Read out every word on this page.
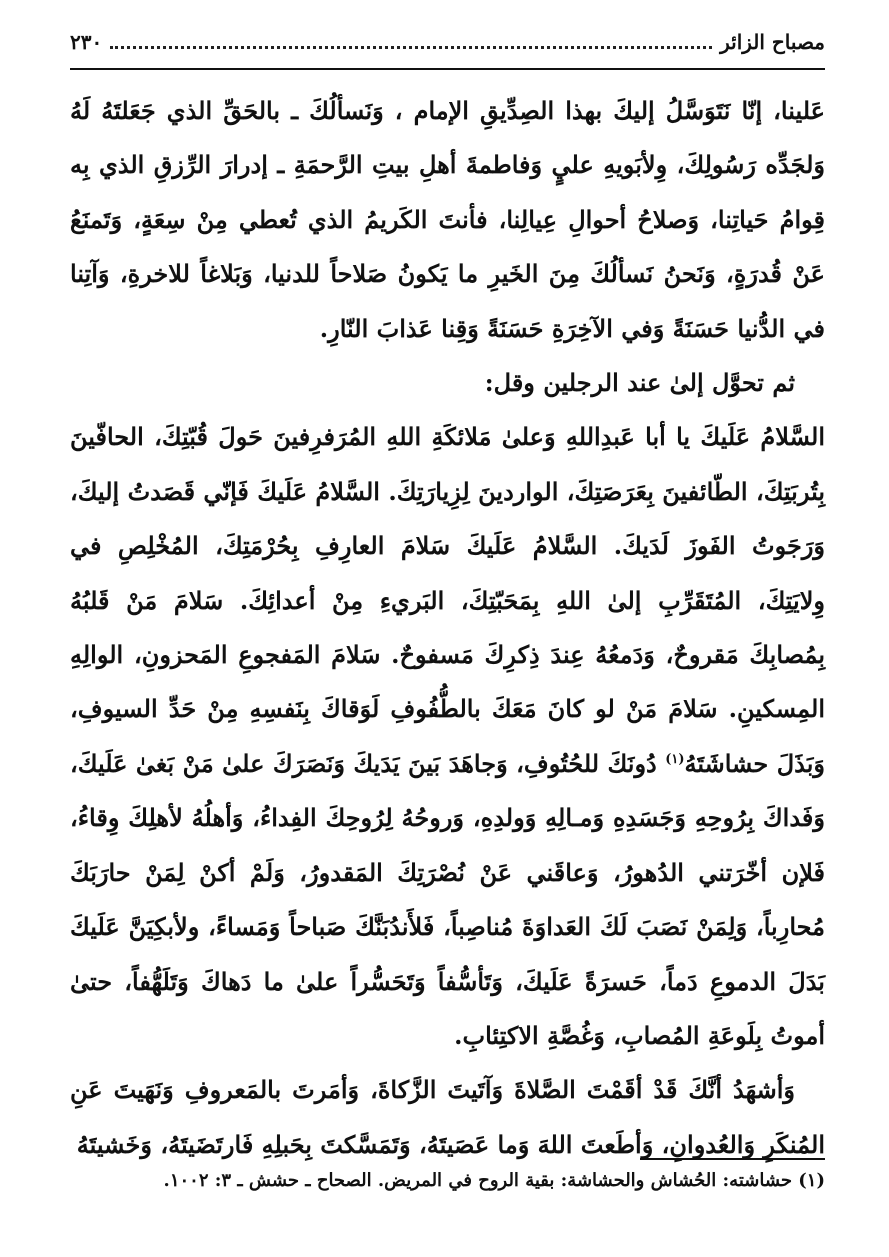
مصباح الزائر
٢٣٠

عَلينا، إنّا نَتَوَسَّلُ إليكَ بهذا الصِدِّيقِ الإمام ، وَنَسألُكَ ـ بالحَقِّ الذي جَعَلتَهُ لَهُ وَلجَدِّه رَسُولِكَ، وِلأبَويهِ عليٍ وَفاطمةَ أهلِ بيتِ الرَّحمَةِ ـ إدرارَ الرِّزقِ الذي بِه قِوامُ حَياتِنا، وَصلاحُ أحوالِ عِيالِنا، فأنتَ الكَريمُ الذي تُعطي مِنْ سِعَةٍ، وَتَمنَعُ عَنْ قُدرَةٍ، وَنَحنُ نَسألُكَ مِنَ الخَيرِ ما يَكونُ صَلاحاً للدنيا، وَبَلاغاً للاخرةِ، وَآتِنا في الدُّنيا حَسَنَةً وَفي الآخِرَةِ حَسَنَةً وَقِنا عَذابَ النّارِ.

ثم تحوَّل إلىٰ عند الرجلين وقل:

السَّلامُ عَلَيكَ يا أبا عَبدِاللهِ وَعلىٰ مَلائكَةِ اللهِ المُرَفرِفينَ حَولَ قُبّتِكَ، الحافّينَ بِتُربَتِكَ، الطّائفينَ بِعَرَصَتِكَ، الواردينَ لِزِيارَتِكَ. السَّلامُ عَلَيكَ فَإنّي قَصَدتُ إليكَ، وَرَجَوتُ الفَوزَ لَدَيكَ. السَّلامُ عَلَيكَ سَلامَ العارِفِ بِحُرْمَتِكَ، المُخْلِصِ في وِلايَتِكَ، المُتَقَرِّبِ إلىٰ اللهِ بِمَحَبّتِكَ، البَريءِ مِنْ أعدائِكَ. سَلامَ مَنْ قَلبُهُ بِمُصابِكَ مَقروحٌ، وَدَمعُهُ عِندَ ذِكرِكَ مَسفوحٌ. سَلامَ المَفجوعِ المَحزونِ، الوالِهِ المِسكينِ. سَلامَ مَنْ لو كانَ مَعَكَ بالطُّفُوفِ لَوَقاكَ بِنَفسِهِ مِنْ حَدِّ السيوفِ، وَبَذَلَ حشاشَتَهُ$^{(١)}$ دُونَكَ للحُتُوفِ، وَجاهَدَ بَينَ يَدَيكَ وَنَصَرَكَ علىٰ مَنْ بَغىٰ عَلَيكَ، وَفَداكَ بِرُوحِهِ وَجَسَدِهِ وَمـالِهِ وَولدِهِ، وَروحُهُ لِرُوحِكَ الفِداءُ، وَأهلُهُ لأهلِكَ وِقاءُ، فَلإن أخّرَتني الدُهورُ، وَعاقَني عَنْ نُصْرَتِكَ المَقدورُ، وَلَمْ أكنْ لِمَنْ حارَبَكَ مُحارِباً، وَلِمَنْ نَصَبَ لَكَ العَداوَةَ مُناصِباً، فَلأَندُبَنَّكَ صَباحاً وَمَساءً، ولأبكِيَنَّ عَلَيكَ بَدَلَ الدموعِ دَماً، حَسرَةً عَلَيكَ، وَتَأسُّفاً وَتَحَسُّراً علىٰ ما دَهاكَ وَتَلَهُّفاً، حتىٰ أموتُ بِلَوعَةِ المُصابِ، وَغُصَّةِ الاكتِئابِ.

وَأشهَدُ أنَّكَ قَدْ أقَمْتَ الصَّلاةَ وَآتَيتَ الزَّكاةَ، وَأمَرتَ بالمَعروفِ وَنَهَيتَ عَنِ المُنكَرِ وَالعُدوانِ، وَأطَعتَ اللهَ وَما عَصَيتَهُ، وَتَمَسَّكتَ بِحَبلِهِ فَارتَضَيتَهُ، وَخَشيتَهُ

(١) حشاشته: الحُشاش والحشاشة: بقية الروح في المريض. الصحاح ـ حشش ـ ٣: ١٠٠٢.
